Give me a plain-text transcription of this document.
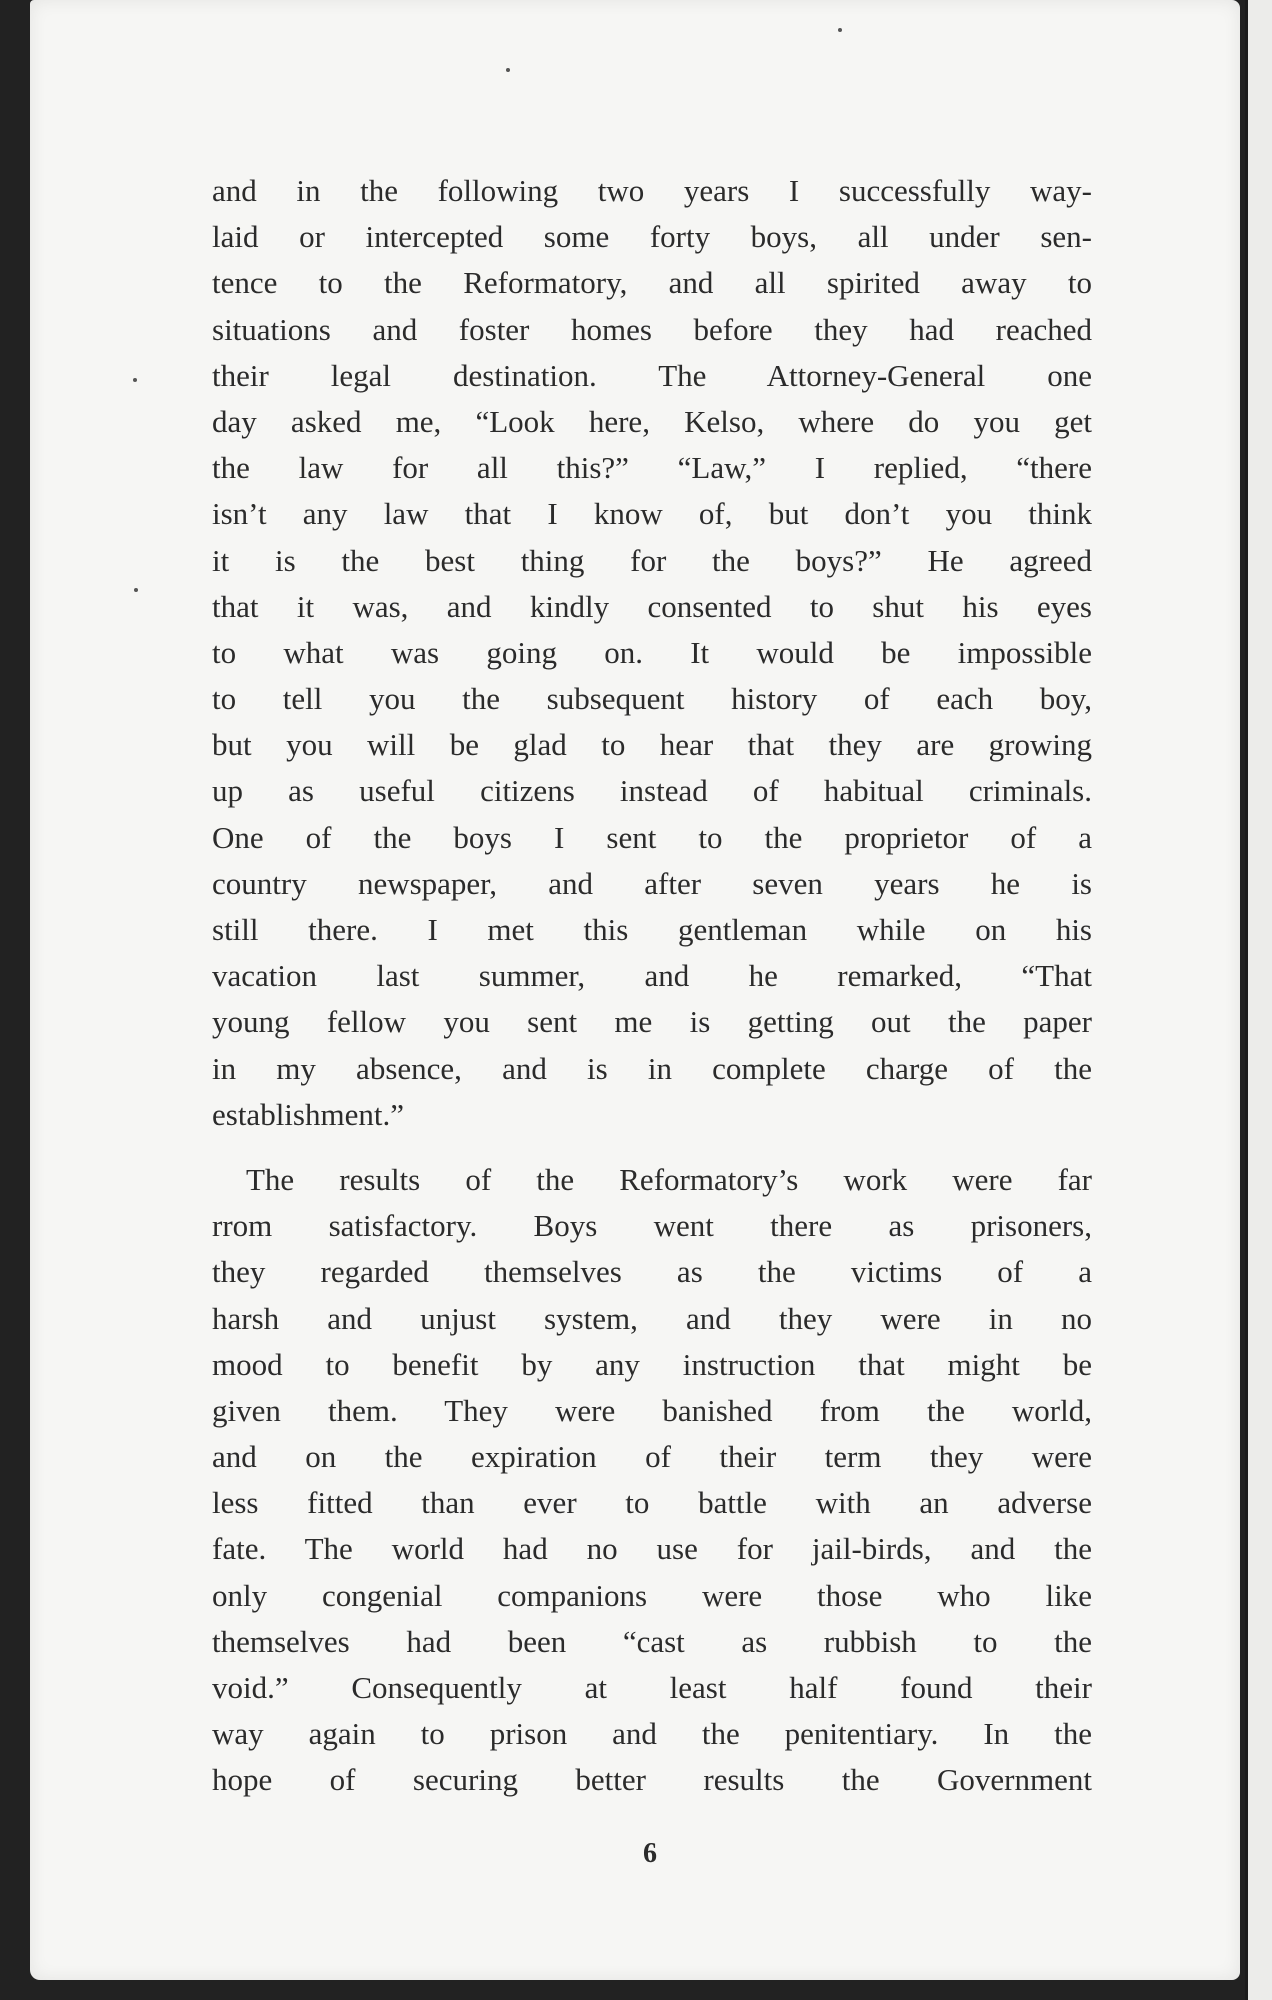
and in the following two years I successfully way-
laid or intercepted some forty boys, all under sen-
tence to the Reformatory, and all spirited away to
situations and foster homes before they had reached
their legal destination. The Attorney-General one
day asked me, “Look here, Kelso, where do you get
the law for all this?” “Law,” I replied, “there
isn’t any law that I know of, but don’t you think
it is the best thing for the boys?” He agreed
that it was, and kindly consented to shut his eyes
to what was going on. It would be impossible
to tell you the subsequent history of each boy,
but you will be glad to hear that they are growing
up as useful citizens instead of habitual criminals.
One of the boys I sent to the proprietor of a
country newspaper, and after seven years he is
still there. I met this gentleman while on his
vacation last summer, and he remarked, “That
young fellow you sent me is getting out the paper
in my absence, and is in complete charge of the
establishment.”

The results of the Reformatory’s work were far
rrom satisfactory. Boys went there as prisoners,
they regarded themselves as the victims of a
harsh and unjust system, and they were in no
mood to benefit by any instruction that might be
given them. They were banished from the world,
and on the expiration of their term they were
less fitted than ever to battle with an adverse
fate. The world had no use for jail-birds, and the
only congenial companions were those who like
themselves had been “cast as rubbish to the
void.” Consequently at least half found their
way again to prison and the penitentiary. In the
hope of securing better results the Government

6
